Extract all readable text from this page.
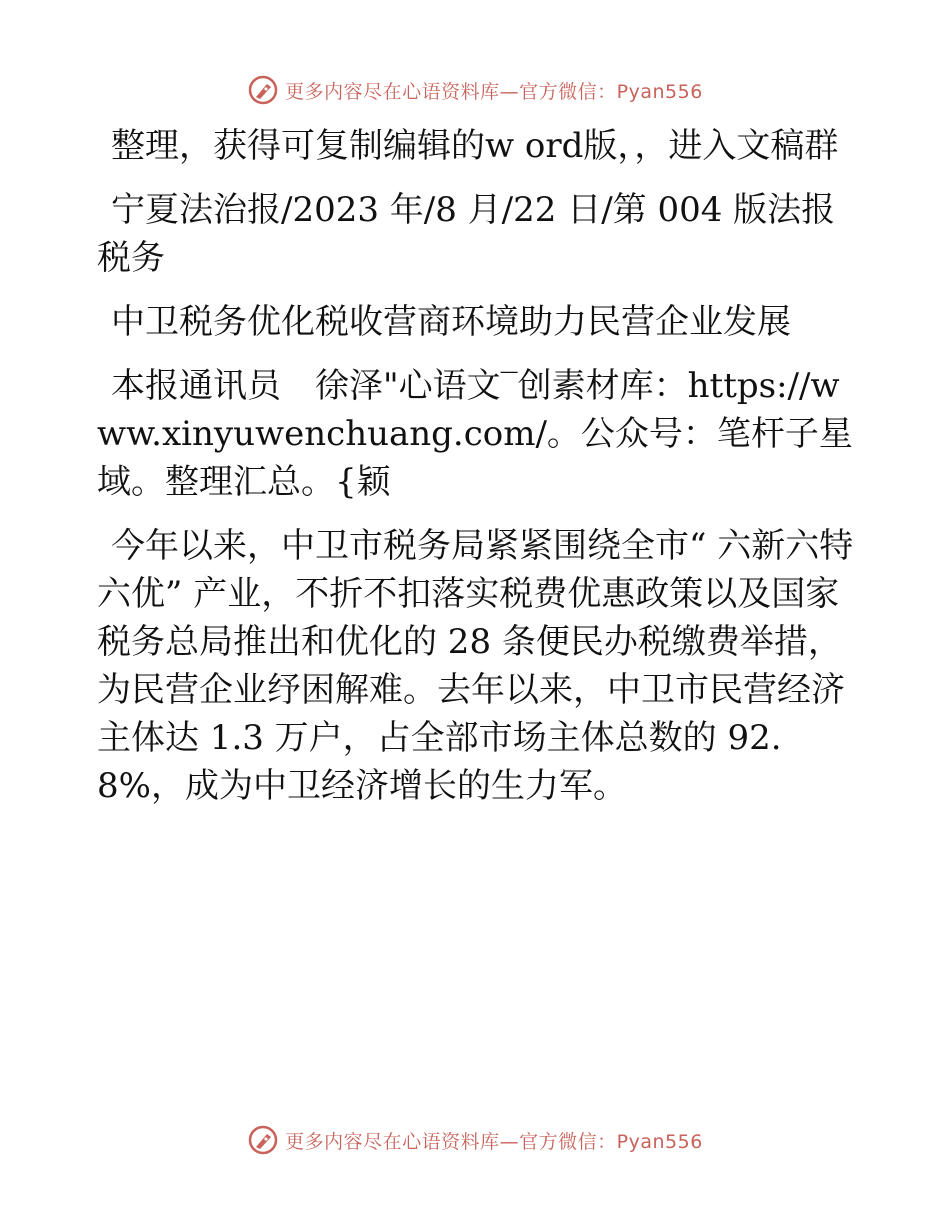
更多内容尽在心语资料库—官方微信：Pyan556

整理，获得可复制编辑的w ord版，，进入文稿群

宁夏法治报/2023 年/8 月/22 日/第 004 版法报税务

中卫税务优化税收营商环境助力民营企业发展

本报通讯员　徐泽"心语文‾创素材库：https://www.xinyuwenchuang.com/。公众号：笔杆子星域。整理汇总。{颖

今年以来，中卫市税务局紧紧围绕全市“ 六新六特六优” 产业，不折不扣落实税费优惠政策以及国家税务总局推出和优化的 28 条便民办税缴费举措，为民营企业纾困解难。去年以来，中卫市民营经济主体达 1.3 万户，占全部市场主体总数的 92.8%，成为中卫经济增长的生力军。

更多内容尽在心语资料库—官方微信：Pyan556
